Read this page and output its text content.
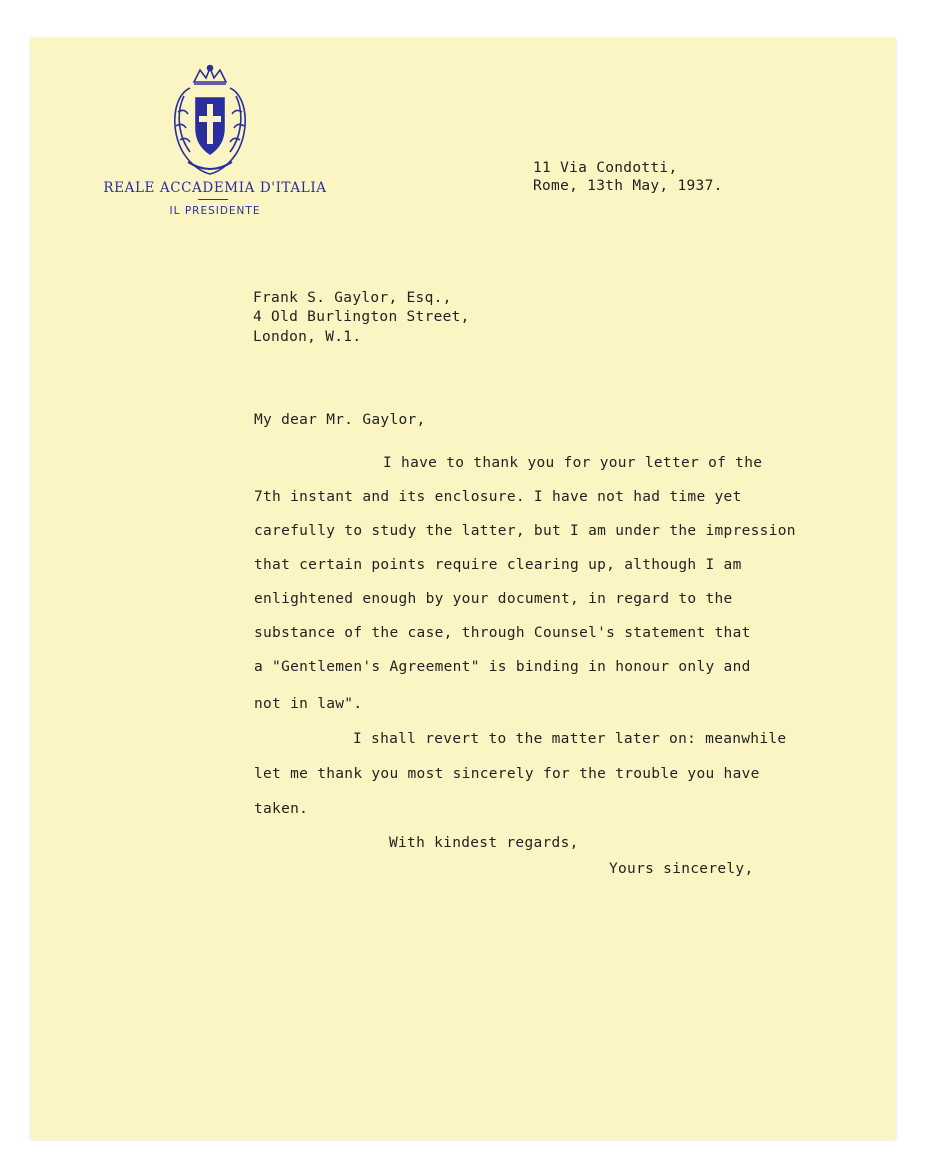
REALE ACCADEMIA D'ITALIA
IL PRESIDENTE
11 Via Condotti,
Rome, 13th May, 1937.
Frank S. Gaylor, Esq.,
4 Old Burlington Street,
London, W.1.
My dear Mr. Gaylor,
I have to thank you for your letter of the
7th instant and its enclosure. I have not had time yet
carefully to study the latter, but I am under the impression
that certain points require clearing up, although I am
enlightened enough by your document, in regard to the
substance of the case, through Counsel's statement that
a "Gentlemen's Agreement" is binding in honour only and
not in law".
I shall revert to the matter later on: meanwhile
let me thank you most sincerely for the trouble you have
taken.
With kindest regards,
Yours sincerely,
